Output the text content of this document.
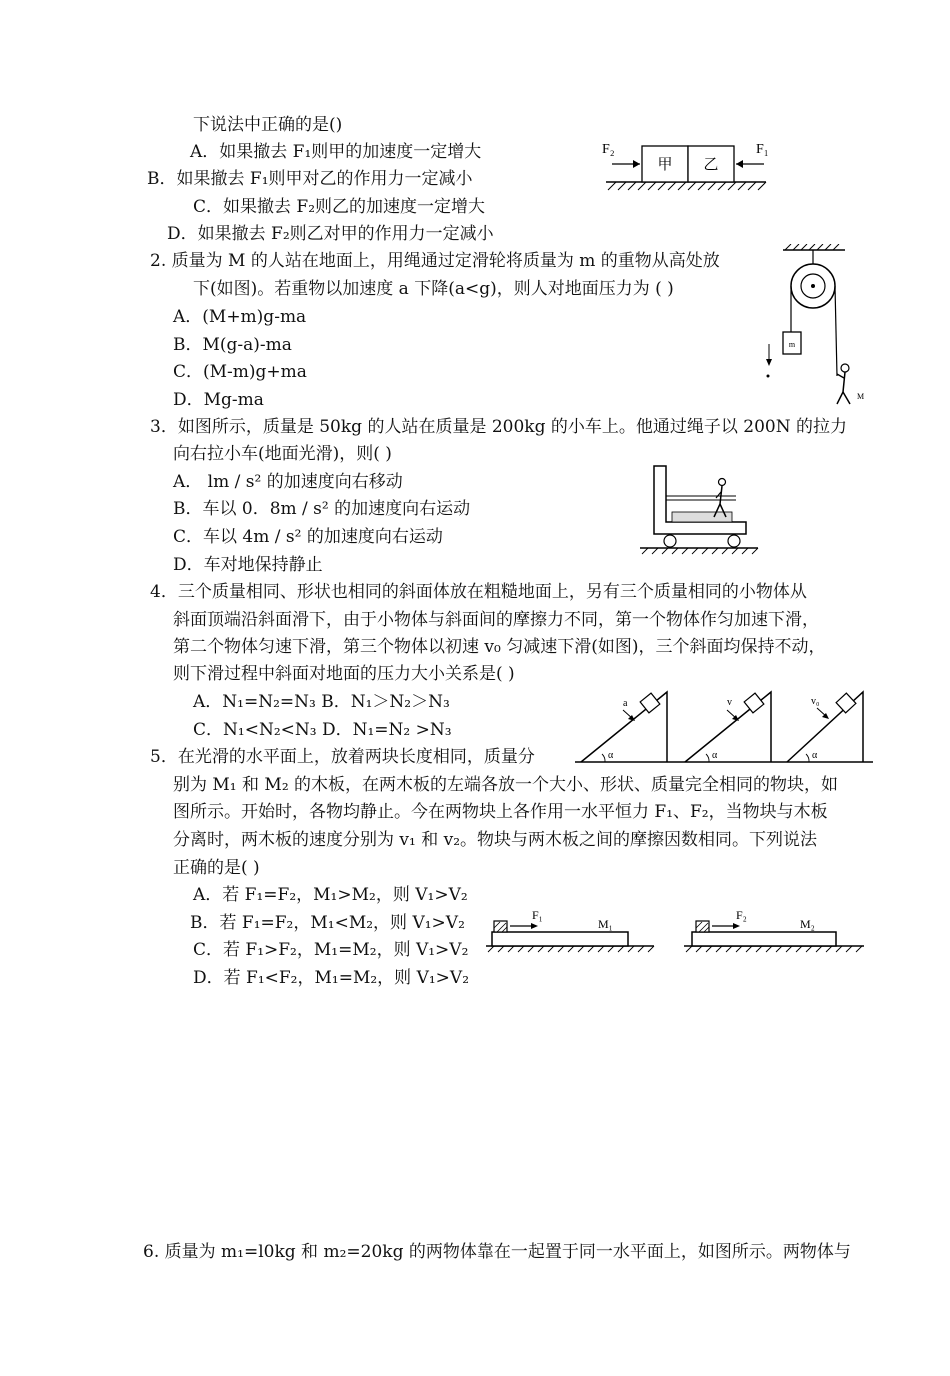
下说法中正确的是()
A．如果撤去 F₁则甲的加速度一定增大
B．如果撤去 F₁则甲对乙的作用力一定减小
C．如果撤去 F₂则乙的加速度一定增大
D．如果撤去 F₂则乙对甲的作用力一定减小
甲 乙
F₂	F₁
2. 质量为 M 的人站在地面上，用绳通过定滑轮将质量为 m 的重物从高处放
下(如图)。若重物以加速度 a 下降(a<g)，则人对地面压力为 ( )
A．(M+m)g-ma
B．M(g-a)-ma
C．(M-m)g+ma
D．Mg-ma
m
M
3．如图所示，质量是 50kg 的人站在质量是 200kg 的小车上。他通过绳子以 200N 的拉力
向右拉小车(地面光滑)，则( )
A． lm / s² 的加速度向右移动
B．车以 0．8m / s² 的加速度向右运动
C．车以 4m / s² 的加速度向右运动
D．车对地保持静止
4．三个质量相同、形状也相同的斜面体放在粗糙地面上，另有三个质量相同的小物体从
斜面顶端沿斜面滑下，由于小物体与斜面间的摩擦力不同，第一个物体作匀加速下滑，
第二个物体匀速下滑，第三个物体以初速 v₀ 匀减速下滑(如图)，三个斜面均保持不动，
则下滑过程中斜面对地面的压力大小关系是( )
A．N₁=N₂=N₃ B．N₁＞N₂＞N₃
C．N₁<N₂<N₃ D．N₁=N₂ >N₃
α	α	α
a	v	v₀
5．在光滑的水平面上，放着两块长度相同，质量分
别为 M₁ 和 M₂ 的木板，在两木板的左端各放一个大小、形状、质量完全相同的物块，如
图所示。开始时，各物均静止。今在两物块上各作用一水平恒力 F₁、F₂，当物块与木板
分离时，两木板的速度分别为 v₁ 和 v₂。物块与两木板之间的摩擦因数相同。下列说法
正确的是( )
A．若 F₁=F₂，M₁>M₂，则 V₁>V₂
B．若 F₁=F₂，M₁<M₂，则 V₁>V₂
C．若 F₁>F₂，M₁=M₂，则 V₁>V₂
D．若 F₁<F₂，M₁=M₂，则 V₁>V₂
F₁
M₁
F₂
M₂
6. 质量为 m₁=l0kg 和 m₂=20kg 的两物体靠在一起置于同一水平面上，如图所示。两物体与
